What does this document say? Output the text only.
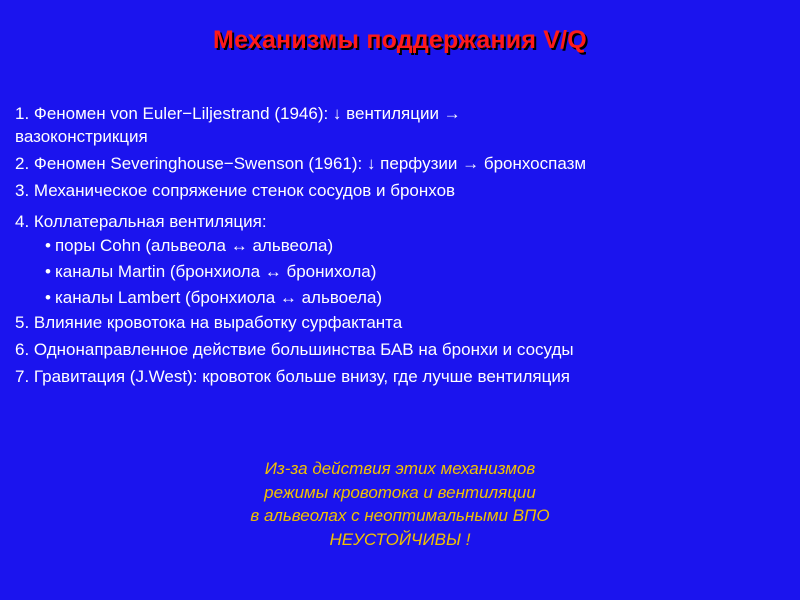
Механизмы поддержания V/Q
1. Феномен von Euler−Liljestrand (1946): ↓ вентиляции →
вазоконстрикция
2. Феномен Severinghouse−Swenson (1961): ↓ перфузии → бронхоспазм
3. Механическое сопряжение стенок сосудов и бронхов
4. Коллатеральная вентиляция:
• поры Cohn (альвеола ↔ альвеола)
• каналы Martin (бронхиола ↔ бронихола)
• каналы Lambert (бронхиола ↔ альвоела)
5. Влияние кровотока на выработку сурфактанта
6. Однонаправленное действие большинства БАВ на бронхи и сосуды
7. Гравитация (J.West): кровоток больше внизу, где лучше вентиляция
Из-за действия этих механизмов
режимы кровотока и вентиляции
в альвеолах с неоптимальными ВПО
НЕУСТОЙЧИВЫ !
